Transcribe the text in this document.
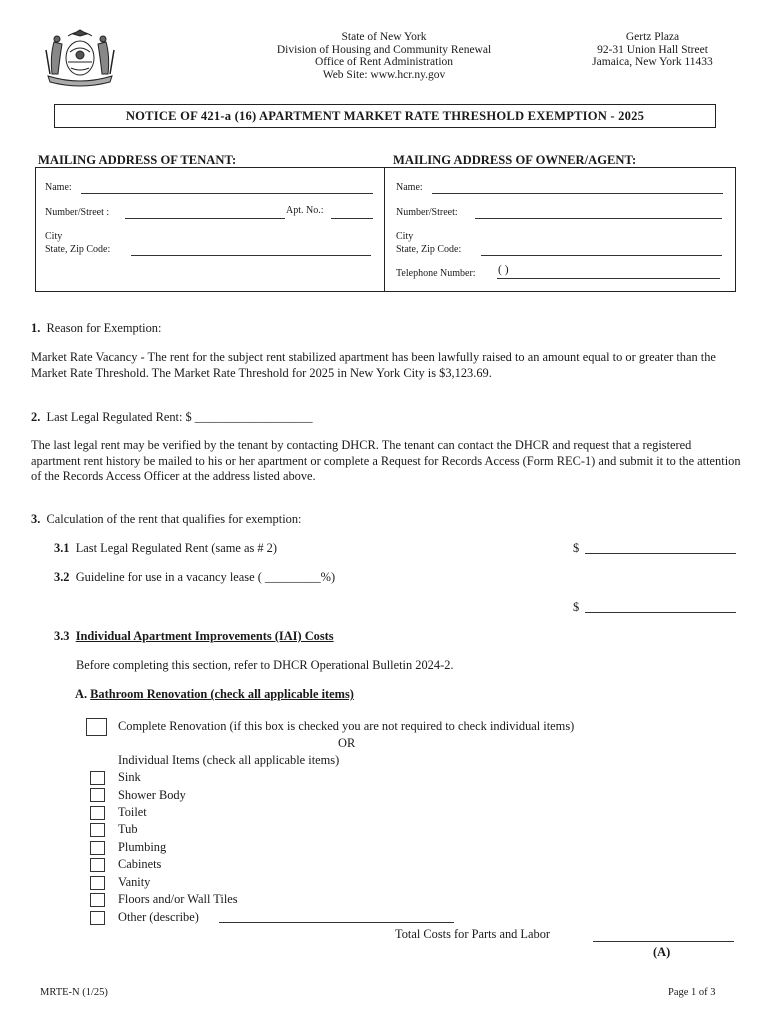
State of New York
Division of Housing and Community Renewal
Office of Rent Administration
Web Site: www.hcr.ny.gov
Gertz Plaza
92-31 Union Hall Street
Jamaica, New York 11433
NOTICE OF 421-a (16) APARTMENT MARKET RATE THRESHOLD EXEMPTION - 2025
MAILING ADDRESS OF TENANT:	MAILING ADDRESS OF OWNER/AGENT:
Name:
Number/Street :	Apt. No.:
City
State, Zip Code:
Name:
Number/Street:
City
State, Zip Code:
Telephone Number: ( )
1. Reason for Exemption:
Market Rate Vacancy - The rent for the subject rent stabilized apartment has been lawfully raised to an amount equal to or greater than the Market Rate Threshold. The Market Rate Threshold for 2025 in New York City is $3,123.69.
2. Last Legal Regulated Rent: $ ___________________
The last legal rent may be verified by the tenant by contacting DHCR. The tenant can contact the DHCR and request that a registered apartment rent history be mailed to his or her apartment or complete a Request for Records Access (Form REC-1) and submit it to the attention of the Records Access Officer at the address listed above.
3. Calculation of the rent that qualifies for exemption:
3.1 Last Legal Regulated Rent (same as # 2)	$
3.2 Guideline for use in a vacancy lease ( _________%)
$
3.3 Individual Apartment Improvements (IAI) Costs
Before completing this section, refer to DHCR Operational Bulletin 2024-2.
A. Bathroom Renovation (check all applicable items)
Complete Renovation (if this box is checked you are not required to check individual items)
OR
Individual Items (check all applicable items)
Sink
Shower Body
Toilet
Tub
Plumbing
Cabinets
Vanity
Floors and/or Wall Tiles
Other (describe)
Total Costs for Parts and Labor
(A)
MRTE-N (1/25)	Page 1 of 3
